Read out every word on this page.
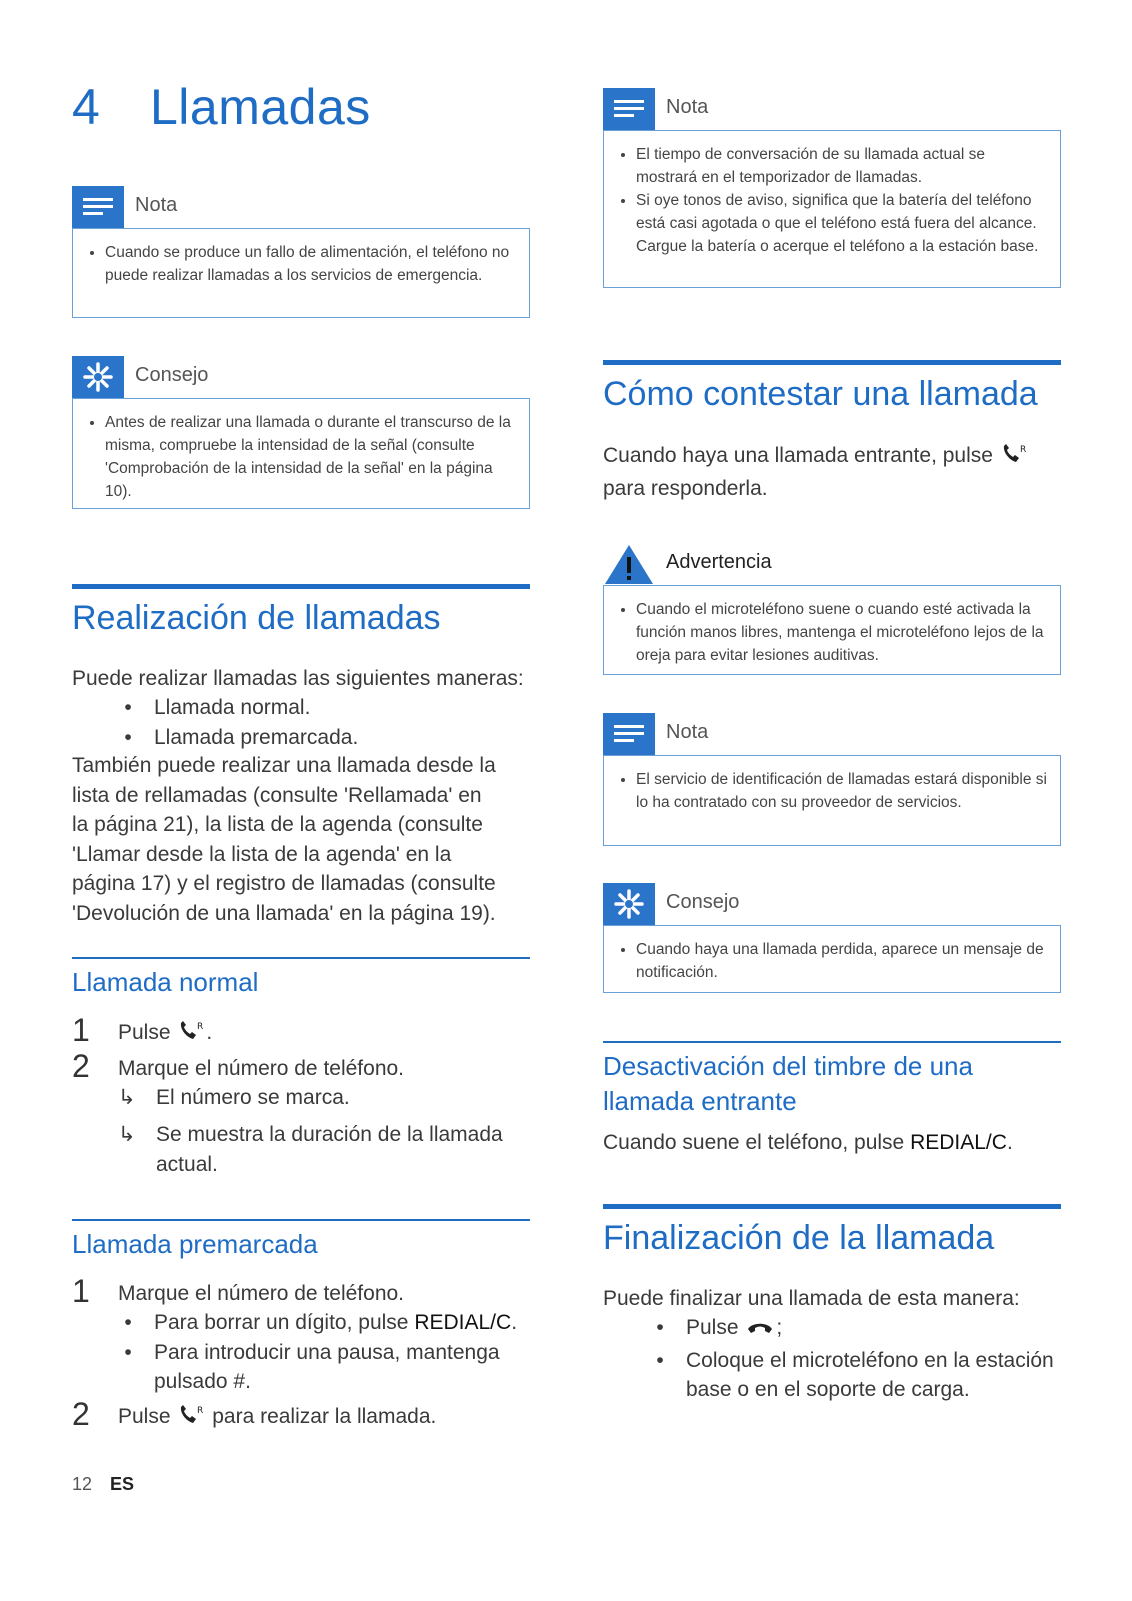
4 Llamadas
Nota
• Cuando se produce un fallo de alimentación, el teléfono no puede realizar llamadas a los servicios de emergencia.
Consejo
• Antes de realizar una llamada o durante el transcurso de la misma, compruebe la intensidad de la señal (consulte 'Comprobación de la intensidad de la señal' en la página 10).
Realización de llamadas

Puede realizar llamadas las siguientes maneras:

•	Llamada normal.
•	Llamada premarcada.

También puede realizar una llamada desde la lista de rellamadas (consulte 'Rellamada' en la página 21), la lista de la agenda (consulte 'Llamar desde la lista de la agenda' en la página 17) y el registro de llamadas (consulte 'Devolución de una llamada' en la página 19).

Llamada normal
1 Pulse	R .
2 Marque el número de teléfono.
↳ El número se marca.
↳ Se muestra la duración de la llamada actual.
Llamada premarcada
1 Marque el número de teléfono.
•	Para borrar un dígito, pulse REDIAL/C.
•	Para introducir una pausa, mantenga pulsado #.
2 Pulse	R para realizar la llamada.
12 ES
Nota
• El tiempo de conversación de su llamada actual se mostrará en el temporizador de llamadas.
• Si oye tonos de aviso, significa que la batería del teléfono está casi agotada o que el teléfono está fuera del alcance. Cargue la batería o acerque el teléfono a la estación base.
Cómo contestar una llamada

Cuando haya una llamada entrante, pulse	R
para responderla.

Advertencia
• Cuando el microteléfono suene o cuando esté activada la función manos libres, mantenga el microteléfono lejos de la oreja para evitar lesiones auditivas.
Nota
• El servicio de identificación de llamadas estará disponible si lo ha contratado con su proveedor de servicios.
Consejo
• Cuando haya una llamada perdida, aparece un mensaje de notificación.
Desactivación del timbre de una llamada entrante

Cuando suene el teléfono, pulse REDIAL/C.

Finalización de la llamada

Puede finalizar una llamada de esta manera:

•	Pulse ;
•	Coloque el microteléfono en la estación base o en el soporte de carga.
